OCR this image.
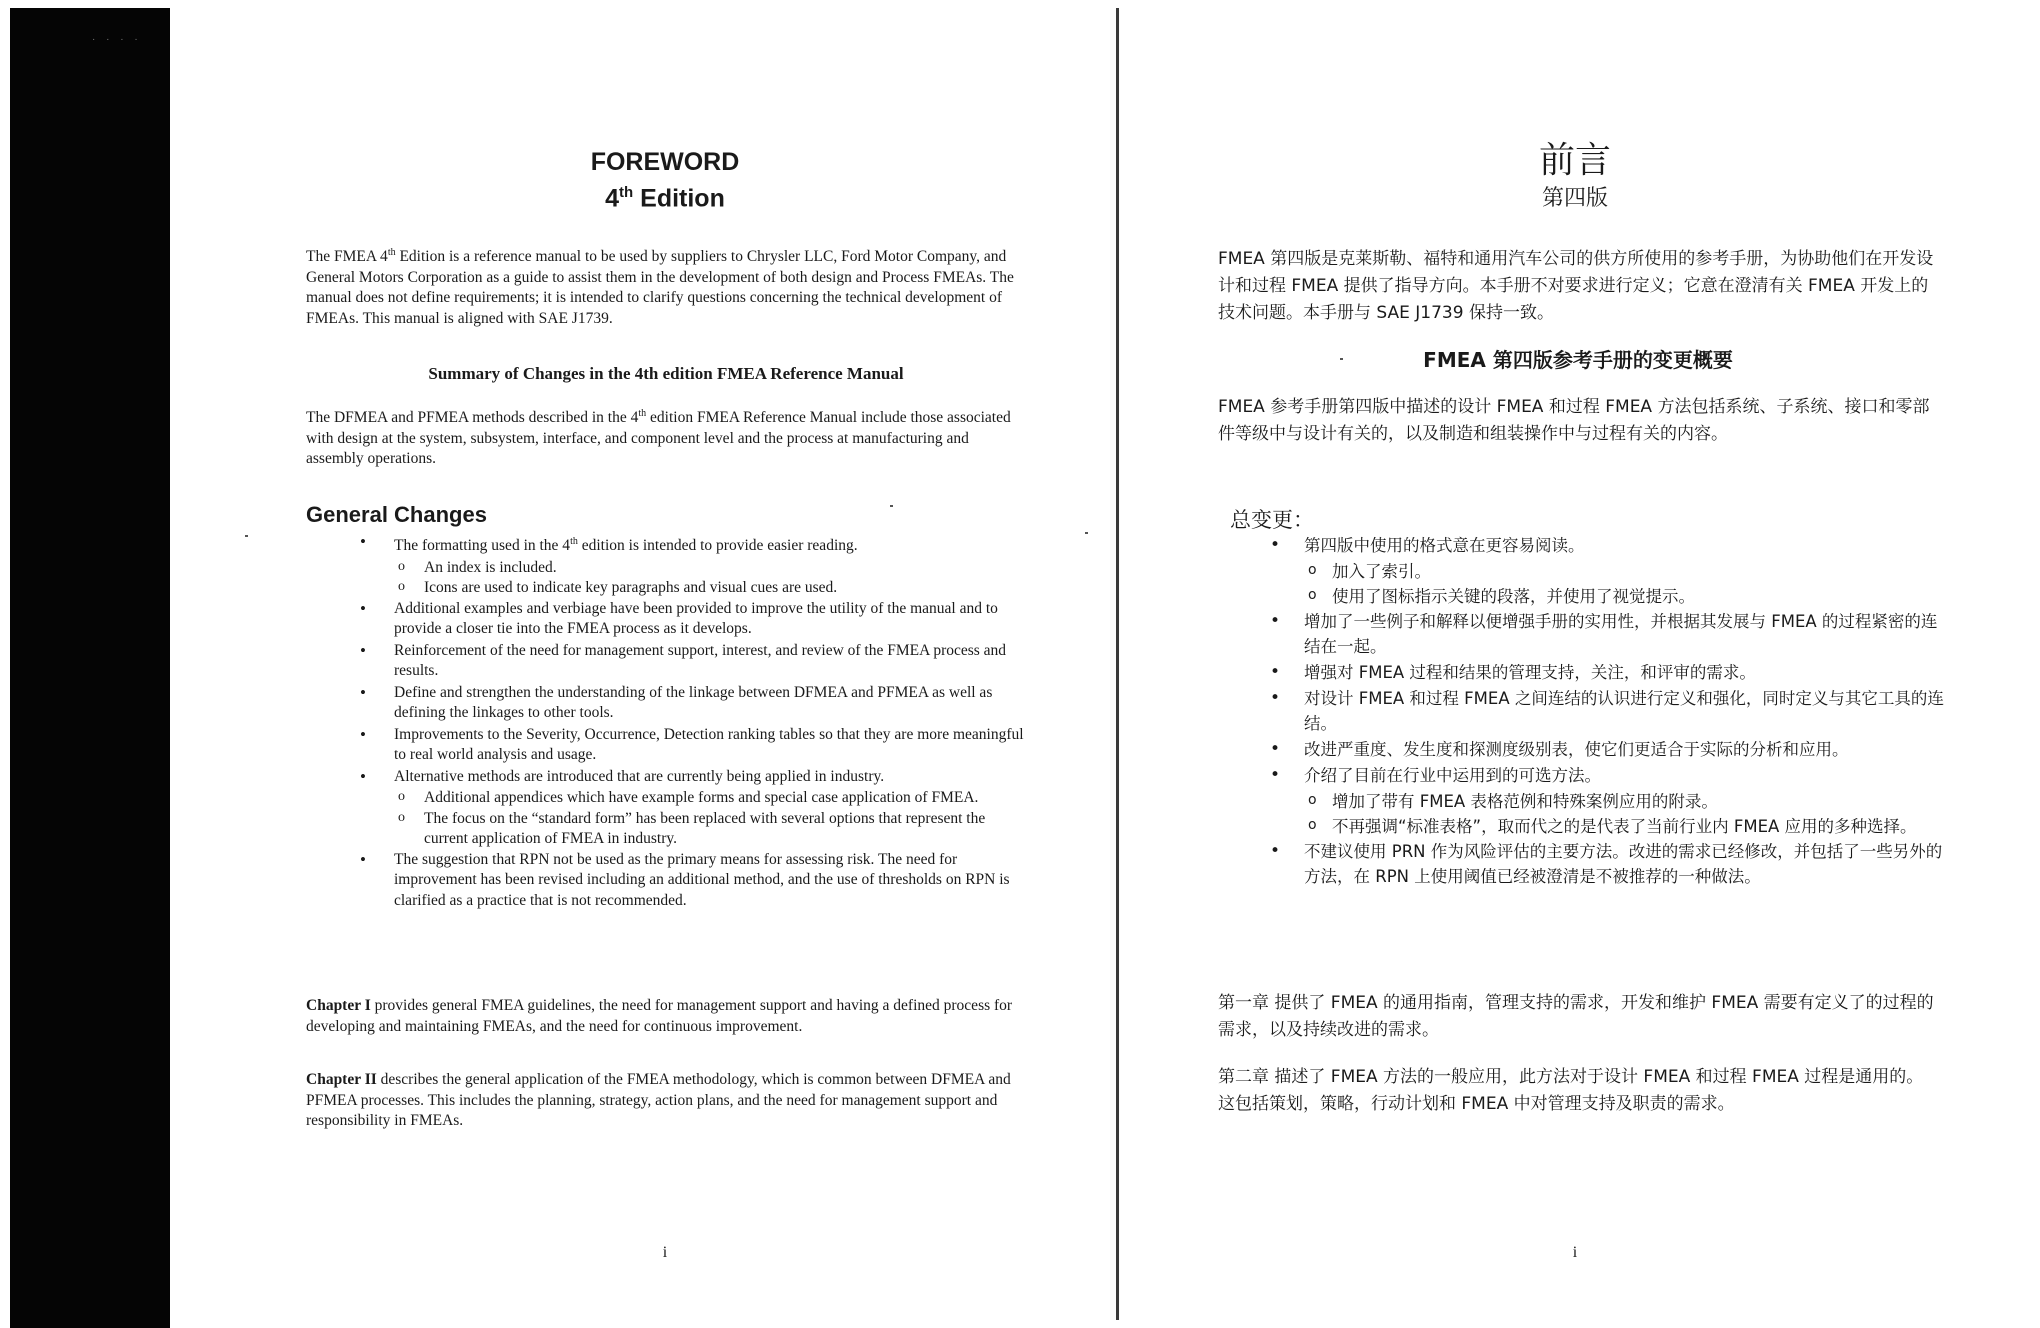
· · · ·
FOREWORD
4th Edition
The FMEA 4th Edition is a reference manual to be used by suppliers to Chrysler LLC, Ford Motor Company, and General Motors Corporation as a guide to assist them in the development of both design and Process FMEAs. The manual does not define requirements; it is intended to clarify questions concerning the technical development of FMEAs. This manual is aligned with SAE J1739.
Summary of Changes in the 4th edition FMEA Reference Manual
The DFMEA and PFMEA methods described in the 4th edition FMEA Reference Manual include those associated with design at the system, subsystem, interface, and component level and the process at manufacturing and assembly operations.
General Changes
• The formatting used in the 4th edition is intended to provide easier reading.
o An index is included.
o Icons are used to indicate key paragraphs and visual cues are used.
• Additional examples and verbiage have been provided to improve the utility of the manual and to provide a closer tie into the FMEA process as it develops.
• Reinforcement of the need for management support, interest, and review of the FMEA process and results.
• Define and strengthen the understanding of the linkage between DFMEA and PFMEA as well as defining the linkages to other tools.
• Improvements to the Severity, Occurrence, Detection ranking tables so that they are more meaningful to real world analysis and usage.
• Alternative methods are introduced that are currently being applied in industry.
o Additional appendices which have example forms and special case application of FMEA.
o The focus on the “standard form” has been replaced with several options that represent the current application of FMEA in industry.
• The suggestion that RPN not be used as the primary means for assessing risk. The need for improvement has been revised including an additional method, and the use of thresholds on RPN is clarified as a practice that is not recommended.
Chapter I provides general FMEA guidelines, the need for management support and having a defined process for developing and maintaining FMEAs, and the need for continuous improvement.
Chapter II describes the general application of the FMEA methodology, which is common between DFMEA and PFMEA processes. This includes the planning, strategy, action plans, and the need for management support and responsibility in FMEAs.
i
前言
第四版
FMEA 第四版是克莱斯勒、福特和通用汽车公司的供方所使用的参考手册，为协助他们在开发设计和过程 FMEA 提供了指导方向。本手册不对要求进行定义；它意在澄清有关 FMEA 开发上的技术问题。本手册与 SAE J1739 保持一致。
FMEA 第四版参考手册的变更概要
FMEA 参考手册第四版中描述的设计 FMEA 和过程 FMEA 方法包括系统、子系统、接口和零部件等级中与设计有关的，以及制造和组装操作中与过程有关的内容。
总变更：
• 第四版中使用的格式意在更容易阅读。
o 加入了索引。
o 使用了图标指示关键的段落，并使用了视觉提示。
• 增加了一些例子和解释以便增强手册的实用性，并根据其发展与 FMEA 的过程紧密的连结在一起。
• 增强对 FMEA 过程和结果的管理支持，关注，和评审的需求。
• 对设计 FMEA 和过程 FMEA 之间连结的认识进行定义和强化，同时定义与其它工具的连结。
• 改进严重度、发生度和探测度级别表，使它们更适合于实际的分析和应用。
• 介绍了目前在行业中运用到的可选方法。
o 增加了带有 FMEA 表格范例和特殊案例应用的附录。
o 不再强调“标准表格”，取而代之的是代表了当前行业内 FMEA 应用的多种选择。
• 不建议使用 PRN 作为风险评估的主要方法。改进的需求已经修改，并包括了一些另外的方法，在 RPN 上使用阈值已经被澄清是不被推荐的一种做法。
第一章 提供了 FMEA 的通用指南，管理支持的需求，开发和维护 FMEA 需要有定义了的过程的需求，以及持续改进的需求。
第二章 描述了 FMEA 方法的一般应用，此方法对于设计 FMEA 和过程 FMEA 过程是通用的。这包括策划，策略，行动计划和 FMEA 中对管理支持及职责的需求。
i
